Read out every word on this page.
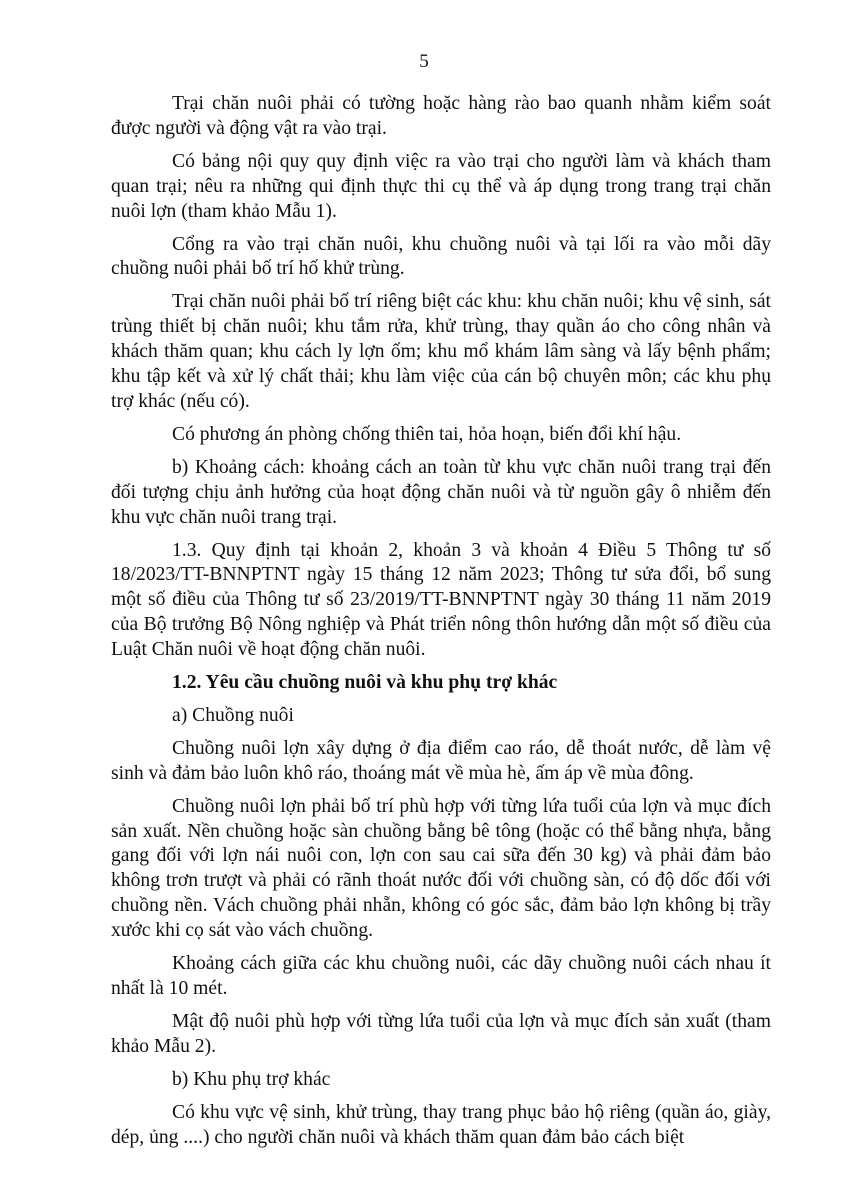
5

Trại chăn nuôi phải có tường hoặc hàng rào bao quanh nhằm kiểm soát được người và động vật ra vào trại.

Có bảng nội quy quy định việc ra vào trại cho người làm và khách tham quan trại; nêu ra những qui định thực thi cụ thể và áp dụng trong trang trại chăn nuôi lợn (tham khảo Mẫu 1).

Cổng ra vào trại chăn nuôi, khu chuồng nuôi và tại lối ra vào mỗi dãy chuồng nuôi phải bố trí hố khử trùng.

Trại chăn nuôi phải bố trí riêng biệt các khu: khu chăn nuôi; khu vệ sinh, sát trùng thiết bị chăn nuôi; khu tắm rửa, khử trùng, thay quần áo cho công nhân và khách thăm quan; khu cách ly lợn ốm; khu mổ khám lâm sàng và lấy bệnh phẩm; khu tập kết và xử lý chất thải; khu làm việc của cán bộ chuyên môn; các khu phụ trợ khác (nếu có).

Có phương án phòng chống thiên tai, hỏa hoạn, biến đổi khí hậu.

b) Khoảng cách: khoảng cách an toàn từ khu vực chăn nuôi trang trại đến đối tượng chịu ảnh hưởng của hoạt động chăn nuôi và từ nguồn gây ô nhiễm đến khu vực chăn nuôi trang trại.

1.3. Quy định tại khoản 2, khoản 3 và khoản 4 Điều 5 Thông tư số 18/2023/TT-BNNPTNT ngày 15 tháng 12 năm 2023; Thông tư sửa đổi, bổ sung một số điều của Thông tư số 23/2019/TT-BNNPTNT ngày 30 tháng 11 năm 2019 của Bộ trưởng Bộ Nông nghiệp và Phát triển nông thôn hướng dẫn một số điều của Luật Chăn nuôi về hoạt động chăn nuôi.

1.2. Yêu cầu chuồng nuôi và khu phụ trợ khác

a) Chuồng nuôi

Chuồng nuôi lợn xây dựng ở địa điểm cao ráo, dễ thoát nước, dễ làm vệ sinh và đảm bảo luôn khô ráo, thoáng mát về mùa hè, ấm áp về mùa đông.

Chuồng nuôi lợn phải bố trí phù hợp với từng lứa tuổi của lợn và mục đích sản xuất. Nền chuồng hoặc sàn chuồng bằng bê tông (hoặc có thể bằng nhựa, bằng gang đối với lợn nái nuôi con, lợn con sau cai sữa đến 30 kg) và phải đảm bảo không trơn trượt và phải có rãnh thoát nước đối với chuồng sàn, có độ dốc đối với chuồng nền. Vách chuồng phải nhẵn, không có góc sắc, đảm bảo lợn không bị trầy xước khi cọ sát vào vách chuồng.

Khoảng cách giữa các khu chuồng nuôi, các dãy chuồng nuôi cách nhau ít nhất là 10 mét.

Mật độ nuôi phù hợp với từng lứa tuổi của lợn và mục đích sản xuất (tham khảo Mẫu 2).

b) Khu phụ trợ khác

Có khu vực vệ sinh, khử trùng, thay trang phục bảo hộ riêng (quần áo, giày, dép, ủng ....) cho người chăn nuôi và khách thăm quan đảm bảo cách biệt
